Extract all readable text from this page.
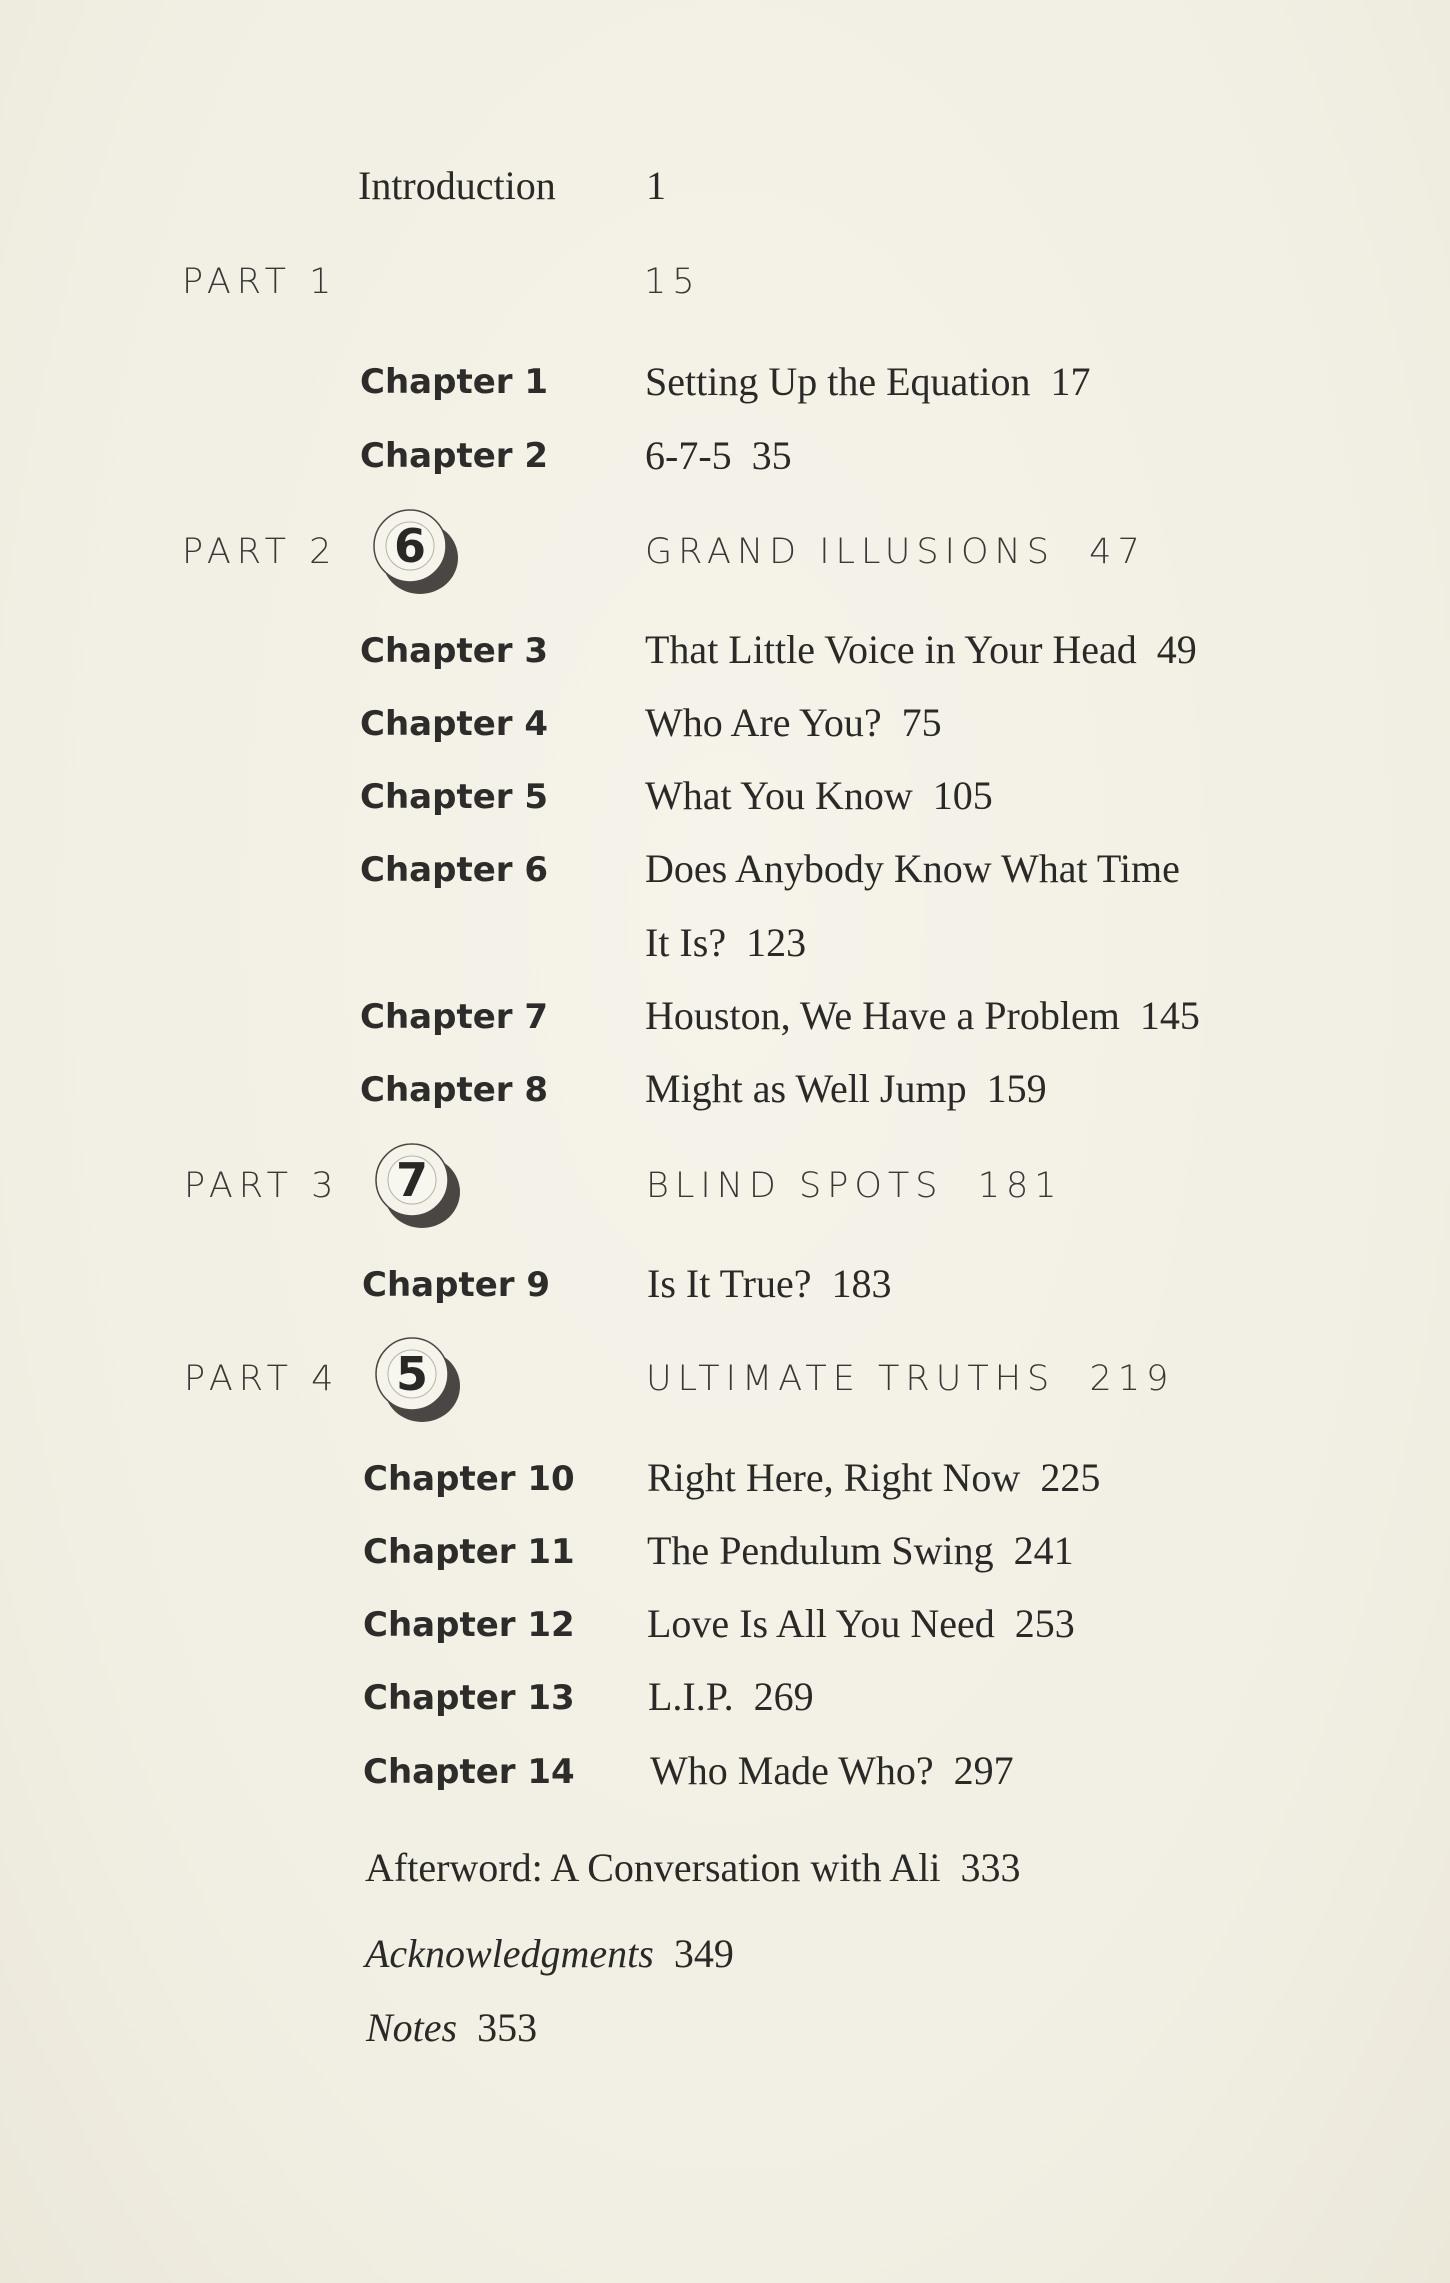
Introduction 1
PART 1	15
Chapter 1 Setting Up the Equation 17
Chapter 2 6-7-5 35
PART 2 6	GRAND ILLUSIONS 47
Chapter 3 That Little Voice in Your Head 49
Chapter 4 Who Are You? 75
Chapter 5 What You Know 105
Chapter 6 Does Anybody Know What Time
It Is? 123
Chapter 7 Houston, We Have a Problem 145
Chapter 8 Might as Well Jump 159
PART 3 7	BLIND SPOTS 181
Chapter 9 Is It True? 183
PART 4 5	ULTIMATE TRUTHS 219
Chapter 10 Right Here, Right Now 225
Chapter 11 The Pendulum Swing 241
Chapter 12 Love Is All You Need 253
Chapter 13 L.I.P. 269
Chapter 14 Who Made Who? 297
Afterword: A Conversation with Ali 333
Acknowledgments 349
Notes 353
